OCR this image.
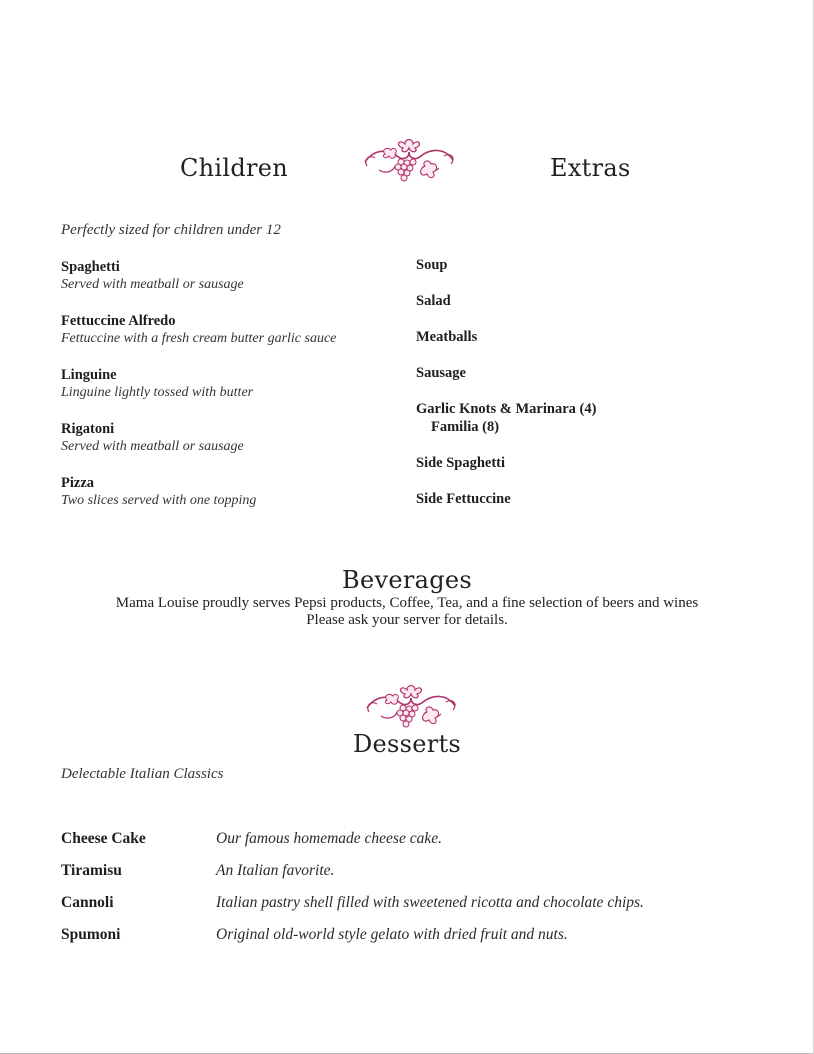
Children	Extras
Perfectly sized for children under 12
Spaghetti
Served with meatball or sausage
Fettuccine Alfredo
Fettuccine with a fresh cream butter garlic sauce
Linguine
Linguine lightly tossed with butter
Rigatoni
Served with meatball or sausage
Pizza
Two slices served with one topping
Soup
Salad
Meatballs
Sausage
Garlic Knots & Marinara (4)
Familia (8)
Side Spaghetti
Side Fettuccine
Beverages
Mama Louise proudly serves Pepsi products, Coffee, Tea, and a fine selection of beers and wines
Please ask your server for details.
Desserts
Delectable Italian Classics
Cheese Cake	Our famous homemade cheese cake.
Tiramisu	An Italian favorite.
Cannoli	Italian pastry shell filled with sweetened ricotta and chocolate chips.
Spumoni	Original old-world style gelato with dried fruit and nuts.
